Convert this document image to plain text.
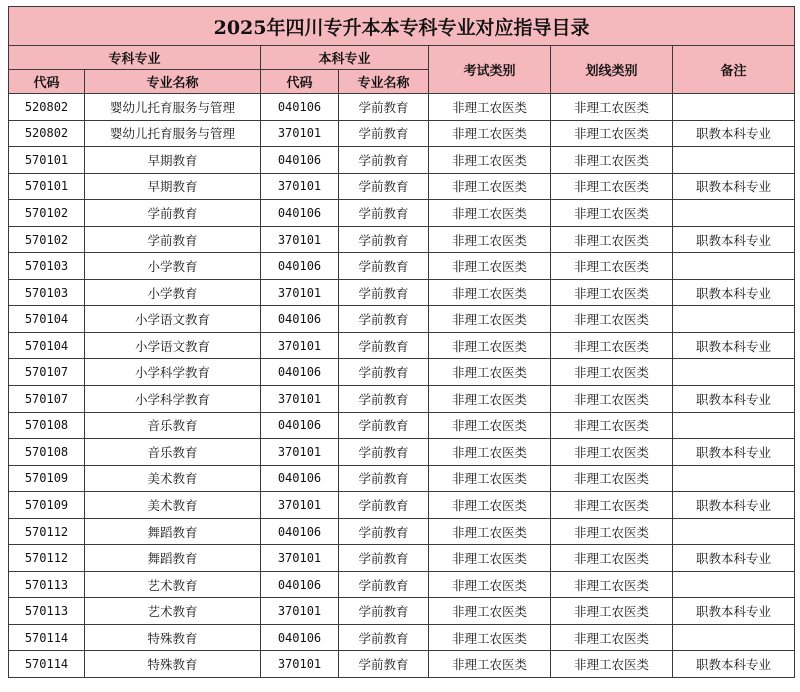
2025年四川专升本本专科专业对应指导目录						
专科专业		本科专业		考试类别	划线类别	备注
代码	专业名称	代码	专业名称			
520802	婴幼儿托育服务与管理	040106	学前教育	非理工农医类	非理工农医类	
520802	婴幼儿托育服务与管理	370101	学前教育	非理工农医类	非理工农医类	职教本科专业
570101	早期教育	040106	学前教育	非理工农医类	非理工农医类	
570101	早期教育	370101	学前教育	非理工农医类	非理工农医类	职教本科专业
570102	学前教育	040106	学前教育	非理工农医类	非理工农医类	
570102	学前教育	370101	学前教育	非理工农医类	非理工农医类	职教本科专业
570103	小学教育	040106	学前教育	非理工农医类	非理工农医类	
570103	小学教育	370101	学前教育	非理工农医类	非理工农医类	职教本科专业
570104	小学语文教育	040106	学前教育	非理工农医类	非理工农医类	
570104	小学语文教育	370101	学前教育	非理工农医类	非理工农医类	职教本科专业
570107	小学科学教育	040106	学前教育	非理工农医类	非理工农医类	
570107	小学科学教育	370101	学前教育	非理工农医类	非理工农医类	职教本科专业
570108	音乐教育	040106	学前教育	非理工农医类	非理工农医类	
570108	音乐教育	370101	学前教育	非理工农医类	非理工农医类	职教本科专业
570109	美术教育	040106	学前教育	非理工农医类	非理工农医类	
570109	美术教育	370101	学前教育	非理工农医类	非理工农医类	职教本科专业
570112	舞蹈教育	040106	学前教育	非理工农医类	非理工农医类	
570112	舞蹈教育	370101	学前教育	非理工农医类	非理工农医类	职教本科专业
570113	艺术教育	040106	学前教育	非理工农医类	非理工农医类	
570113	艺术教育	370101	学前教育	非理工农医类	非理工农医类	职教本科专业
570114	特殊教育	040106	学前教育	非理工农医类	非理工农医类	
570114	特殊教育	370101	学前教育	非理工农医类	非理工农医类	职教本科专业
